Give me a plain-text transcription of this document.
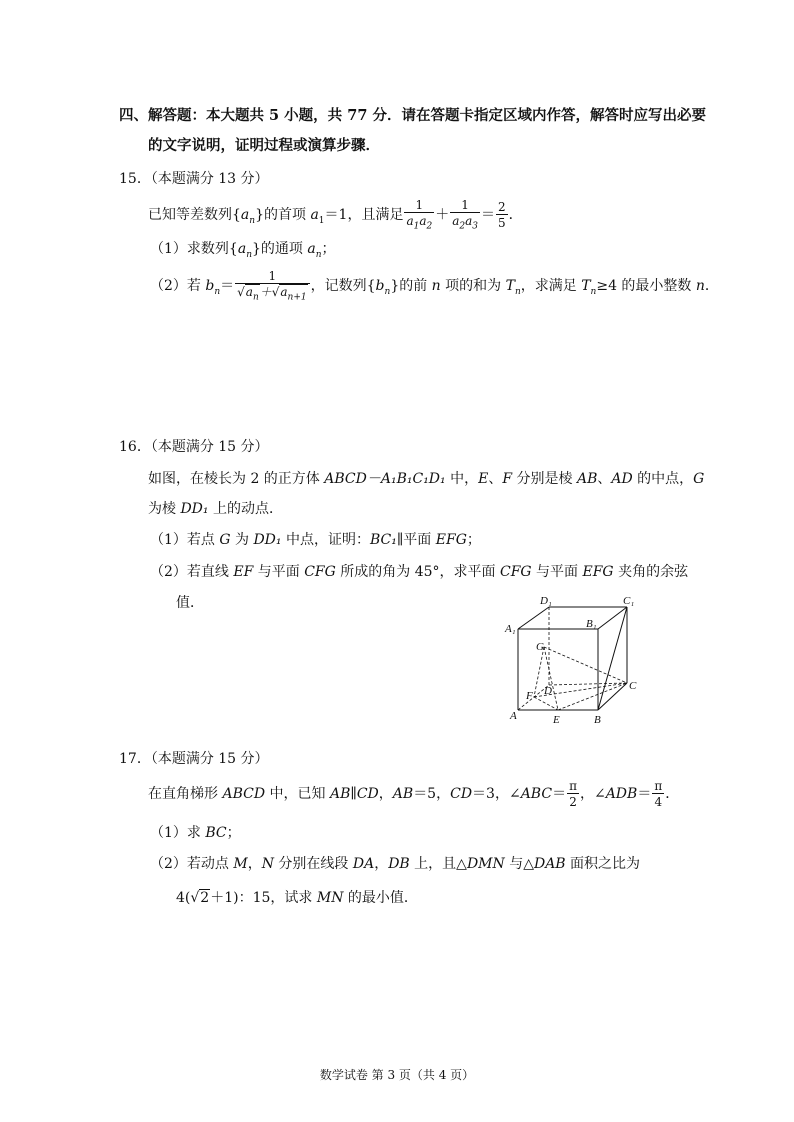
四、解答题：本大题共 5 小题，共 77 分．请在答题卡指定区域内作答，解答时应写出必要
的文字说明，证明过程或演算步骤．
15．（本题满分 13 分）
已知等差数列$\{a_n\}$的首项 $a_1=1$，且满足 $\frac{1}{a_1a_2} + \frac{1}{a_2a_3} = \frac{2}{5}$ ．
（1）求数列$\{a_n\}$的通项 $a_n$；
（2）若 $b_n= \frac{1}{√a_n+√a_{n+1}}$ ，记数列$\{b_n\}$的前 n 项的和为 $T_n$，求满足 $T_n\ge 4$ 的最小整数 n．
16．（本题满分 15 分）
如图，在棱长为 2 的正方体 ABCD－A₁B₁C₁D₁ 中，E、F 分别是棱 AB、AD 的中点，G
为棱 DD₁ 上的动点．
（1）若点 G 为 DD₁ 中点，证明：BC₁∥平面 EFG；
（2）若直线 EF 与平面 CFG 所成的角为 45°，求平面 CFG 与平面 EFG 夹角的余弦
值．	D₁	C₁
A₁	B₁
G
C
F D
A	E	B
17．（本题满分 15 分）
在直角梯形 ABCD 中，已知 AB∥CD，AB＝5，CD＝3，∠ABC＝ $\frac{\pi}{2}$ ，∠ADB＝ $\frac{\pi}{4}$ ．
（1）求 BC；
（2）若动点 M，N 分别在线段 DA，DB 上，且△DMN 与△DAB 面积之比为
4(√2＋1)：15，试求 MN 的最小值．
数学试卷 第 3 页（共 4 页）
